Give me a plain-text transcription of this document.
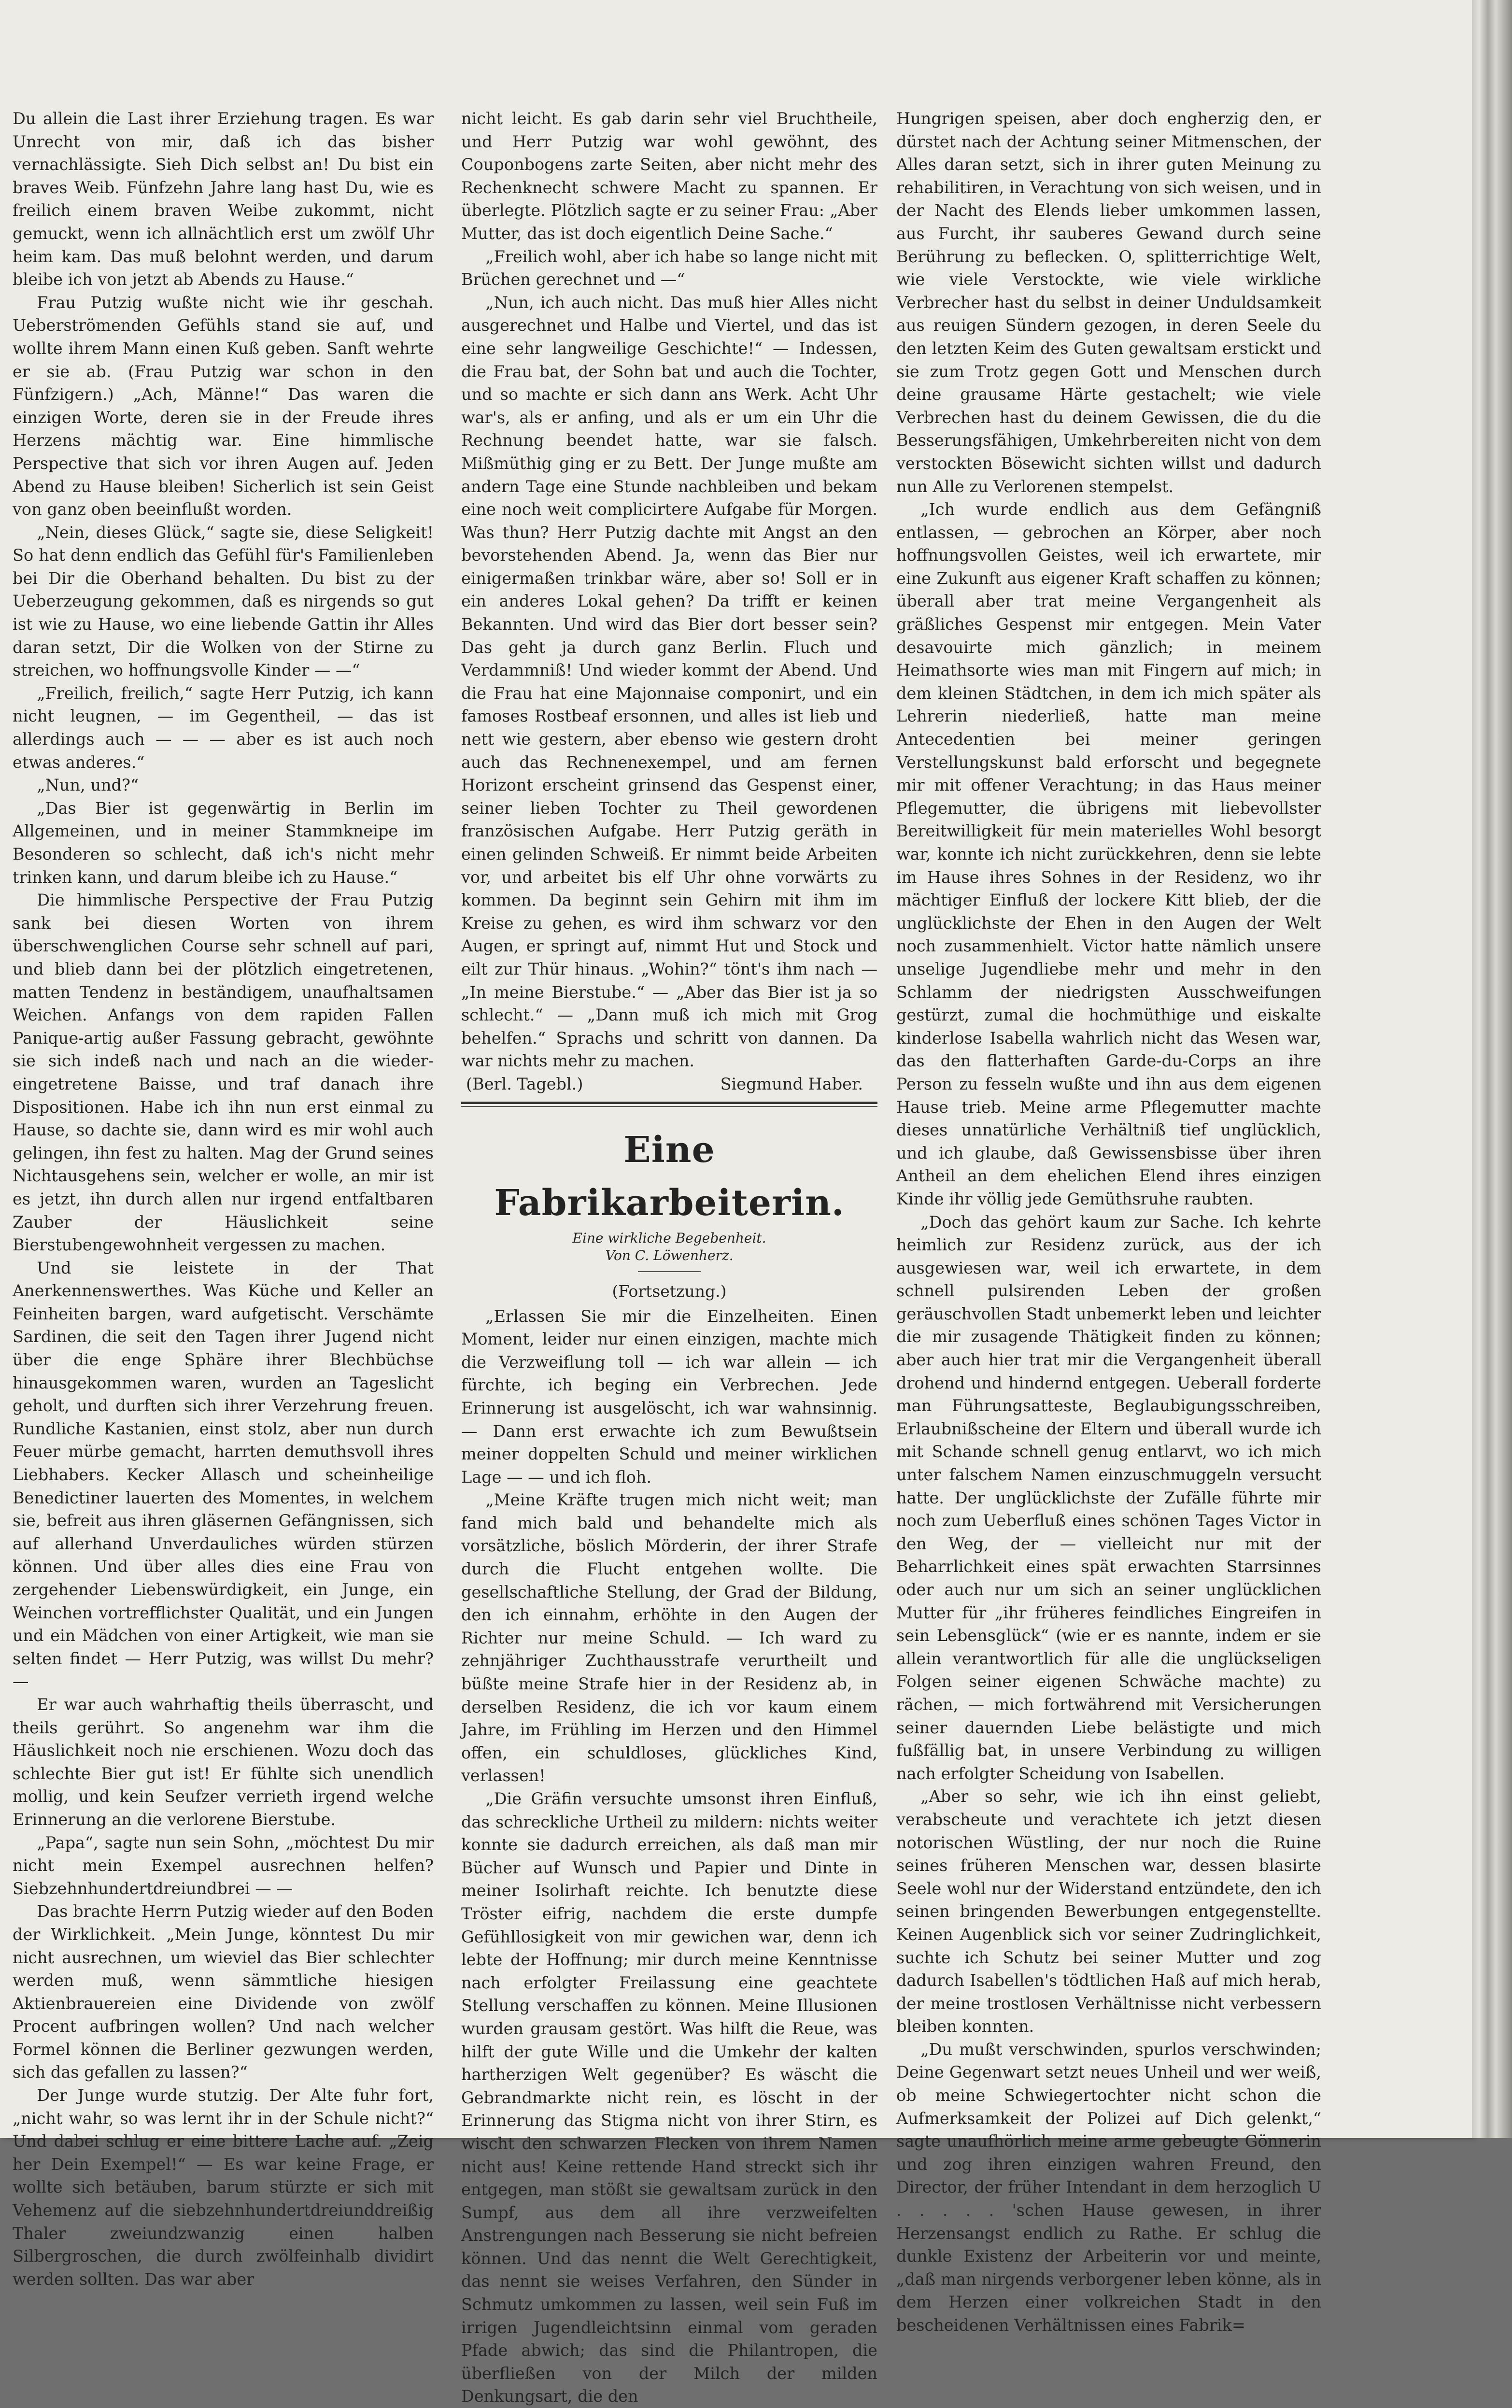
Du allein die Last ihrer Erziehung tragen. Es war Unrecht von mir, daß ich das bisher vernachlässigte. Sieh Dich selbst an! Du bist ein braves Weib. Fünfzehn Jahre lang hast Du, wie es freilich einem braven Weibe zukommt, nicht gemuckt, wenn ich allnächtlich erst um zwölf Uhr heim kam. Das muß belohnt werden, und darum bleibe ich von jetzt ab Abends zu Hause.“

Frau Putzig wußte nicht wie ihr geschah. Ueberströmenden Gefühls stand sie auf, und wollte ihrem Mann einen Kuß geben. Sanft wehrte er sie ab. (Frau Putzig war schon in den Fünfzigern.) „Ach, Männe!“ Das waren die einzigen Worte, deren sie in der Freude ihres Herzens mächtig war. Eine himmlische Perspective that sich vor ihren Augen auf. Jeden Abend zu Hause bleiben! Sicherlich ist sein Geist von ganz oben beeinflußt worden.

„Nein, dieses Glück,“ sagte sie, diese Seligkeit! So hat denn endlich das Gefühl für's Familienleben bei Dir die Oberhand behalten. Du bist zu der Ueberzeugung gekommen, daß es nirgends so gut ist wie zu Hause, wo eine liebende Gattin ihr Alles daran setzt, Dir die Wolken von der Stirne zu streichen, wo hoffnungsvolle Kinder — —“

„Freilich, freilich,“ sagte Herr Putzig, ich kann nicht leugnen, — im Gegentheil, — das ist allerdings auch — — — aber es ist auch noch etwas anderes.“

„Nun, und?“

„Das Bier ist gegenwärtig in Berlin im Allgemeinen, und in meiner Stammkneipe im Besonderen so schlecht, daß ich's nicht mehr trinken kann, und darum bleibe ich zu Hause.“

Die himmlische Perspective der Frau Putzig sank bei diesen Worten von ihrem überschwenglichen Course sehr schnell auf pari, und blieb dann bei der plötzlich eingetretenen, matten Tendenz in beständigem, unaufhaltsamen Weichen. Anfangs von dem rapiden Fallen Panique-artig außer Fassung gebracht, gewöhnte sie sich indeß nach und nach an die wieder-eingetretene Baisse, und traf danach ihre Dispositionen. Habe ich ihn nun erst einmal zu Hause, so dachte sie, dann wird es mir wohl auch gelingen, ihn fest zu halten. Mag der Grund seines Nichtausgehens sein, welcher er wolle, an mir ist es jetzt, ihn durch allen nur irgend entfaltbaren Zauber der Häuslichkeit seine Bierstubengewohnheit vergessen zu machen.

Und sie leistete in der That Anerkennenswerthes. Was Küche und Keller an Feinheiten bargen, ward aufgetischt. Verschämte Sardinen, die seit den Tagen ihrer Jugend nicht über die enge Sphäre ihrer Blechbüchse hinausgekommen waren, wurden an Tageslicht geholt, und durften sich ihrer Verzehrung freuen. Rundliche Kastanien, einst stolz, aber nun durch Feuer mürbe gemacht, harrten demuthsvoll ihres Liebhabers. Kecker Allasch und scheinheilige Benedictiner lauerten des Momentes, in welchem sie, befreit aus ihren gläsernen Gefängnissen, sich auf allerhand Unverdauliches würden stürzen können. Und über alles dies eine Frau von zergehender Liebenswürdigkeit, ein Junge, ein Weinchen vortrefflichster Qualität, und ein Jungen und ein Mädchen von einer Artigkeit, wie man sie selten findet — Herr Putzig, was willst Du mehr? —

Er war auch wahrhaftig theils überrascht, und theils gerührt. So angenehm war ihm die Häuslichkeit noch nie erschienen. Wozu doch das schlechte Bier gut ist! Er fühlte sich unendlich mollig, und kein Seufzer verrieth irgend welche Erinnerung an die verlorene Bierstube.

„Papa“, sagte nun sein Sohn, „möchtest Du mir nicht mein Exempel ausrechnen helfen? Siebzehnhundertdreiundbrei — —

Das brachte Herrn Putzig wieder auf den Boden der Wirklichkeit. „Mein Junge, könntest Du mir nicht ausrechnen, um wieviel das Bier schlechter werden muß, wenn sämmtliche hiesigen Aktienbrauereien eine Dividende von zwölf Procent aufbringen wollen? Und nach welcher Formel können die Berliner gezwungen werden, sich das gefallen zu lassen?“

Der Junge wurde stutzig. Der Alte fuhr fort, „nicht wahr, so was lernt ihr in der Schule nicht?“ Und dabei schlug er eine bittere Lache auf. „Zeig her Dein Exempel!“ — Es war keine Frage, er wollte sich betäuben, barum stürzte er sich mit Vehemenz auf die siebzehnhundertdreiunddreißig Thaler zweiundzwanzig einen halben Silbergroschen, die durch zwölfeinhalb dividirt werden sollten. Das war aber

nicht leicht. Es gab darin sehr viel Bruchtheile, und Herr Putzig war wohl gewöhnt, des Couponbogens zarte Seiten, aber nicht mehr des Rechenknecht schwere Macht zu spannen. Er überlegte. Plötzlich sagte er zu seiner Frau: „Aber Mutter, das ist doch eigentlich Deine Sache.“

„Freilich wohl, aber ich habe so lange nicht mit Brüchen gerechnet und —“

„Nun, ich auch nicht. Das muß hier Alles nicht ausgerechnet und Halbe und Viertel, und das ist eine sehr langweilige Geschichte!“ — Indessen, die Frau bat, der Sohn bat und auch die Tochter, und so machte er sich dann ans Werk. Acht Uhr war's, als er anfing, und als er um ein Uhr die Rechnung beendet hatte, war sie falsch. Mißmüthig ging er zu Bett. Der Junge mußte am andern Tage eine Stunde nachbleiben und bekam eine noch weit complicirtere Aufgabe für Morgen. Was thun? Herr Putzig dachte mit Angst an den bevorstehenden Abend. Ja, wenn das Bier nur einigermaßen trinkbar wäre, aber so! Soll er in ein anderes Lokal gehen? Da trifft er keinen Bekannten. Und wird das Bier dort besser sein? Das geht ja durch ganz Berlin. Fluch und Verdammniß! Und wieder kommt der Abend. Und die Frau hat eine Majonnaise componirt, und ein famoses Rostbeaf ersonnen, und alles ist lieb und nett wie gestern, aber ebenso wie gestern droht auch das Rechnenexempel, und am fernen Horizont erscheint grinsend das Gespenst einer, seiner lieben Tochter zu Theil gewordenen französischen Aufgabe. Herr Putzig geräth in einen gelinden Schweiß. Er nimmt beide Arbeiten vor, und arbeitet bis elf Uhr ohne vorwärts zu kommen. Da beginnt sein Gehirn mit ihm im Kreise zu gehen, es wird ihm schwarz vor den Augen, er springt auf, nimmt Hut und Stock und eilt zur Thür hinaus. „Wohin?“ tönt's ihm nach — „In meine Bierstube.“ — „Aber das Bier ist ja so schlecht.“ — „Dann muß ich mich mit Grog behelfen.“ Sprachs und schritt von dannen. Da war nichts mehr zu machen.

(Berl. Tagebl.)	Siegmund Haber.

Eine Fabrikarbeiterin.
Eine wirkliche Begebenheit.
Von C. Löwenherz.
(Fortsetzung.)

„Erlassen Sie mir die Einzelheiten. Einen Moment, leider nur einen einzigen, machte mich die Verzweiflung toll — ich war allein — ich fürchte, ich beging ein Verbrechen. Jede Erinnerung ist ausgelöscht, ich war wahnsinnig. — Dann erst erwachte ich zum Bewußtsein meiner doppelten Schuld und meiner wirklichen Lage — — und ich floh.

„Meine Kräfte trugen mich nicht weit; man fand mich bald und behandelte mich als vorsätzliche, böslich Mörderin, der ihrer Strafe durch die Flucht entgehen wollte. Die gesellschaftliche Stellung, der Grad der Bildung, den ich einnahm, erhöhte in den Augen der Richter nur meine Schuld. — Ich ward zu zehnjähriger Zuchthausstrafe verurtheilt und büßte meine Strafe hier in der Residenz ab, in derselben Residenz, die ich vor kaum einem Jahre, im Frühling im Herzen und den Himmel offen, ein schuldloses, glückliches Kind, verlassen!

„Die Gräfin versuchte umsonst ihren Einfluß, das schreckliche Urtheil zu mildern: nichts weiter konnte sie dadurch erreichen, als daß man mir Bücher auf Wunsch und Papier und Dinte in meiner Isolirhaft reichte. Ich benutzte diese Tröster eifrig, nachdem die erste dumpfe Gefühllosigkeit von mir gewichen war, denn ich lebte der Hoffnung; mir durch meine Kenntnisse nach erfolgter Freilassung eine geachtete Stellung verschaffen zu können. Meine Illusionen wurden grausam gestört. Was hilft die Reue, was hilft der gute Wille und die Umkehr der kalten hartherzigen Welt gegenüber? Es wäscht die Gebrandmarkte nicht rein, es löscht in der Erinnerung das Stigma nicht von ihrer Stirn, es wischt den schwarzen Flecken von ihrem Namen nicht aus! Keine rettende Hand streckt sich ihr entgegen, man stößt sie gewaltsam zurück in den Sumpf, aus dem all ihre verzweifelten Anstrengungen nach Besserung sie nicht befreien können. Und das nennt die Welt Gerechtigkeit, das nennt sie weises Verfahren, den Sünder in Schmutz umkommen zu lassen, weil sein Fuß im irrigen Jugendleichtsinn einmal vom geraden Pfade abwich; das sind die Philantropen, die überfließen von der Milch der milden Denkungsart, die den

Hungrigen speisen, aber doch engherzig den, er dürstet nach der Achtung seiner Mitmenschen, der Alles daran setzt, sich in ihrer guten Meinung zu rehabilitiren, in Verachtung von sich weisen, und in der Nacht des Elends lieber umkommen lassen, aus Furcht, ihr sauberes Gewand durch seine Berührung zu beflecken. O, splitterrichtige Welt, wie viele Verstockte, wie viele wirkliche Verbrecher hast du selbst in deiner Unduldsamkeit aus reuigen Sündern gezogen, in deren Seele du den letzten Keim des Guten gewaltsam erstickt und sie zum Trotz gegen Gott und Menschen durch deine grausame Härte gestachelt; wie viele Verbrechen hast du deinem Gewissen, die du die Besserungsfähigen, Umkehrbereiten nicht von dem verstockten Bösewicht sichten willst und dadurch nun Alle zu Verlorenen stempelst.

„Ich wurde endlich aus dem Gefängniß entlassen, — gebrochen an Körper, aber noch hoffnungsvollen Geistes, weil ich erwartete, mir eine Zukunft aus eigener Kraft schaffen zu können; überall aber trat meine Vergangenheit als gräßliches Gespenst mir entgegen. Mein Vater desavouirte mich gänzlich; in meinem Heimathsorte wies man mit Fingern auf mich; in dem kleinen Städtchen, in dem ich mich später als Lehrerin niederließ, hatte man meine Antecedentien bei meiner geringen Verstellungskunst bald erforscht und begegnete mir mit offener Verachtung; in das Haus meiner Pflegemutter, die übrigens mit liebevollster Bereitwilligkeit für mein materielles Wohl besorgt war, konnte ich nicht zurückkehren, denn sie lebte im Hause ihres Sohnes in der Residenz, wo ihr mächtiger Einfluß der lockere Kitt blieb, der die unglücklichste der Ehen in den Augen der Welt noch zusammenhielt. Victor hatte nämlich unsere unselige Jugendliebe mehr und mehr in den Schlamm der niedrigsten Ausschweifungen gestürzt, zumal die hochmüthige und eiskalte kinderlose Isabella wahrlich nicht das Wesen war, das den flatterhaften Garde-du-Corps an ihre Person zu fesseln wußte und ihn aus dem eigenen Hause trieb. Meine arme Pflegemutter machte dieses unnatürliche Verhältniß tief unglücklich, und ich glaube, daß Gewissensbisse über ihren Antheil an dem ehelichen Elend ihres einzigen Kinde ihr völlig jede Gemüthsruhe raubten.

„Doch das gehört kaum zur Sache. Ich kehrte heimlich zur Residenz zurück, aus der ich ausgewiesen war, weil ich erwartete, in dem schnell pulsirenden Leben der großen geräuschvollen Stadt unbemerkt leben und leichter die mir zusagende Thätigkeit finden zu können; aber auch hier trat mir die Vergangenheit überall drohend und hindernd entgegen. Ueberall forderte man Führungsatteste, Beglaubigungsschreiben, Erlaubnißscheine der Eltern und überall wurde ich mit Schande schnell genug entlarvt, wo ich mich unter falschem Namen einzuschmuggeln versucht hatte. Der unglücklichste der Zufälle führte mir noch zum Ueberfluß eines schönen Tages Victor in den Weg, der — vielleicht nur mit der Beharrlichkeit eines spät erwachten Starrsinnes oder auch nur um sich an seiner unglücklichen Mutter für „ihr früheres feindliches Eingreifen in sein Lebensglück“ (wie er es nannte, indem er sie allein verantwortlich für alle die unglückseligen Folgen seiner eigenen Schwäche machte) zu rächen, — mich fortwährend mit Versicherungen seiner dauernden Liebe belästigte und mich fußfällig bat, in unsere Verbindung zu willigen nach erfolgter Scheidung von Isabellen.

„Aber so sehr, wie ich ihn einst geliebt, verabscheute und verachtete ich jetzt diesen notorischen Wüstling, der nur noch die Ruine seines früheren Menschen war, dessen blasirte Seele wohl nur der Widerstand entzündete, den ich seinen bringenden Bewerbungen entgegenstellte. Keinen Augenblick sich vor seiner Zudringlichkeit, suchte ich Schutz bei seiner Mutter und zog dadurch Isabellen's tödtlichen Haß auf mich herab, der meine trostlosen Verhältnisse nicht verbessern bleiben konnten.

„Du mußt verschwinden, spurlos verschwinden; Deine Gegenwart setzt neues Unheil und wer weiß, ob meine Schwiegertochter nicht schon die Aufmerksamkeit der Polizei auf Dich gelenkt,“ sagte unaufhörlich meine arme gebeugte Gönnerin und zog ihren einzigen wahren Freund, den Director, der früher Intendant in dem herzoglich U . . . . . 'schen Hause gewesen, in ihrer Herzensangst endlich zu Rathe. Er schlug die dunkle Existenz der Arbeiterin vor und meinte, „daß man nirgends verborgener leben könne, als in dem Herzen einer volkreichen Stadt in den bescheidenen Verhältnissen eines Fabrik=
